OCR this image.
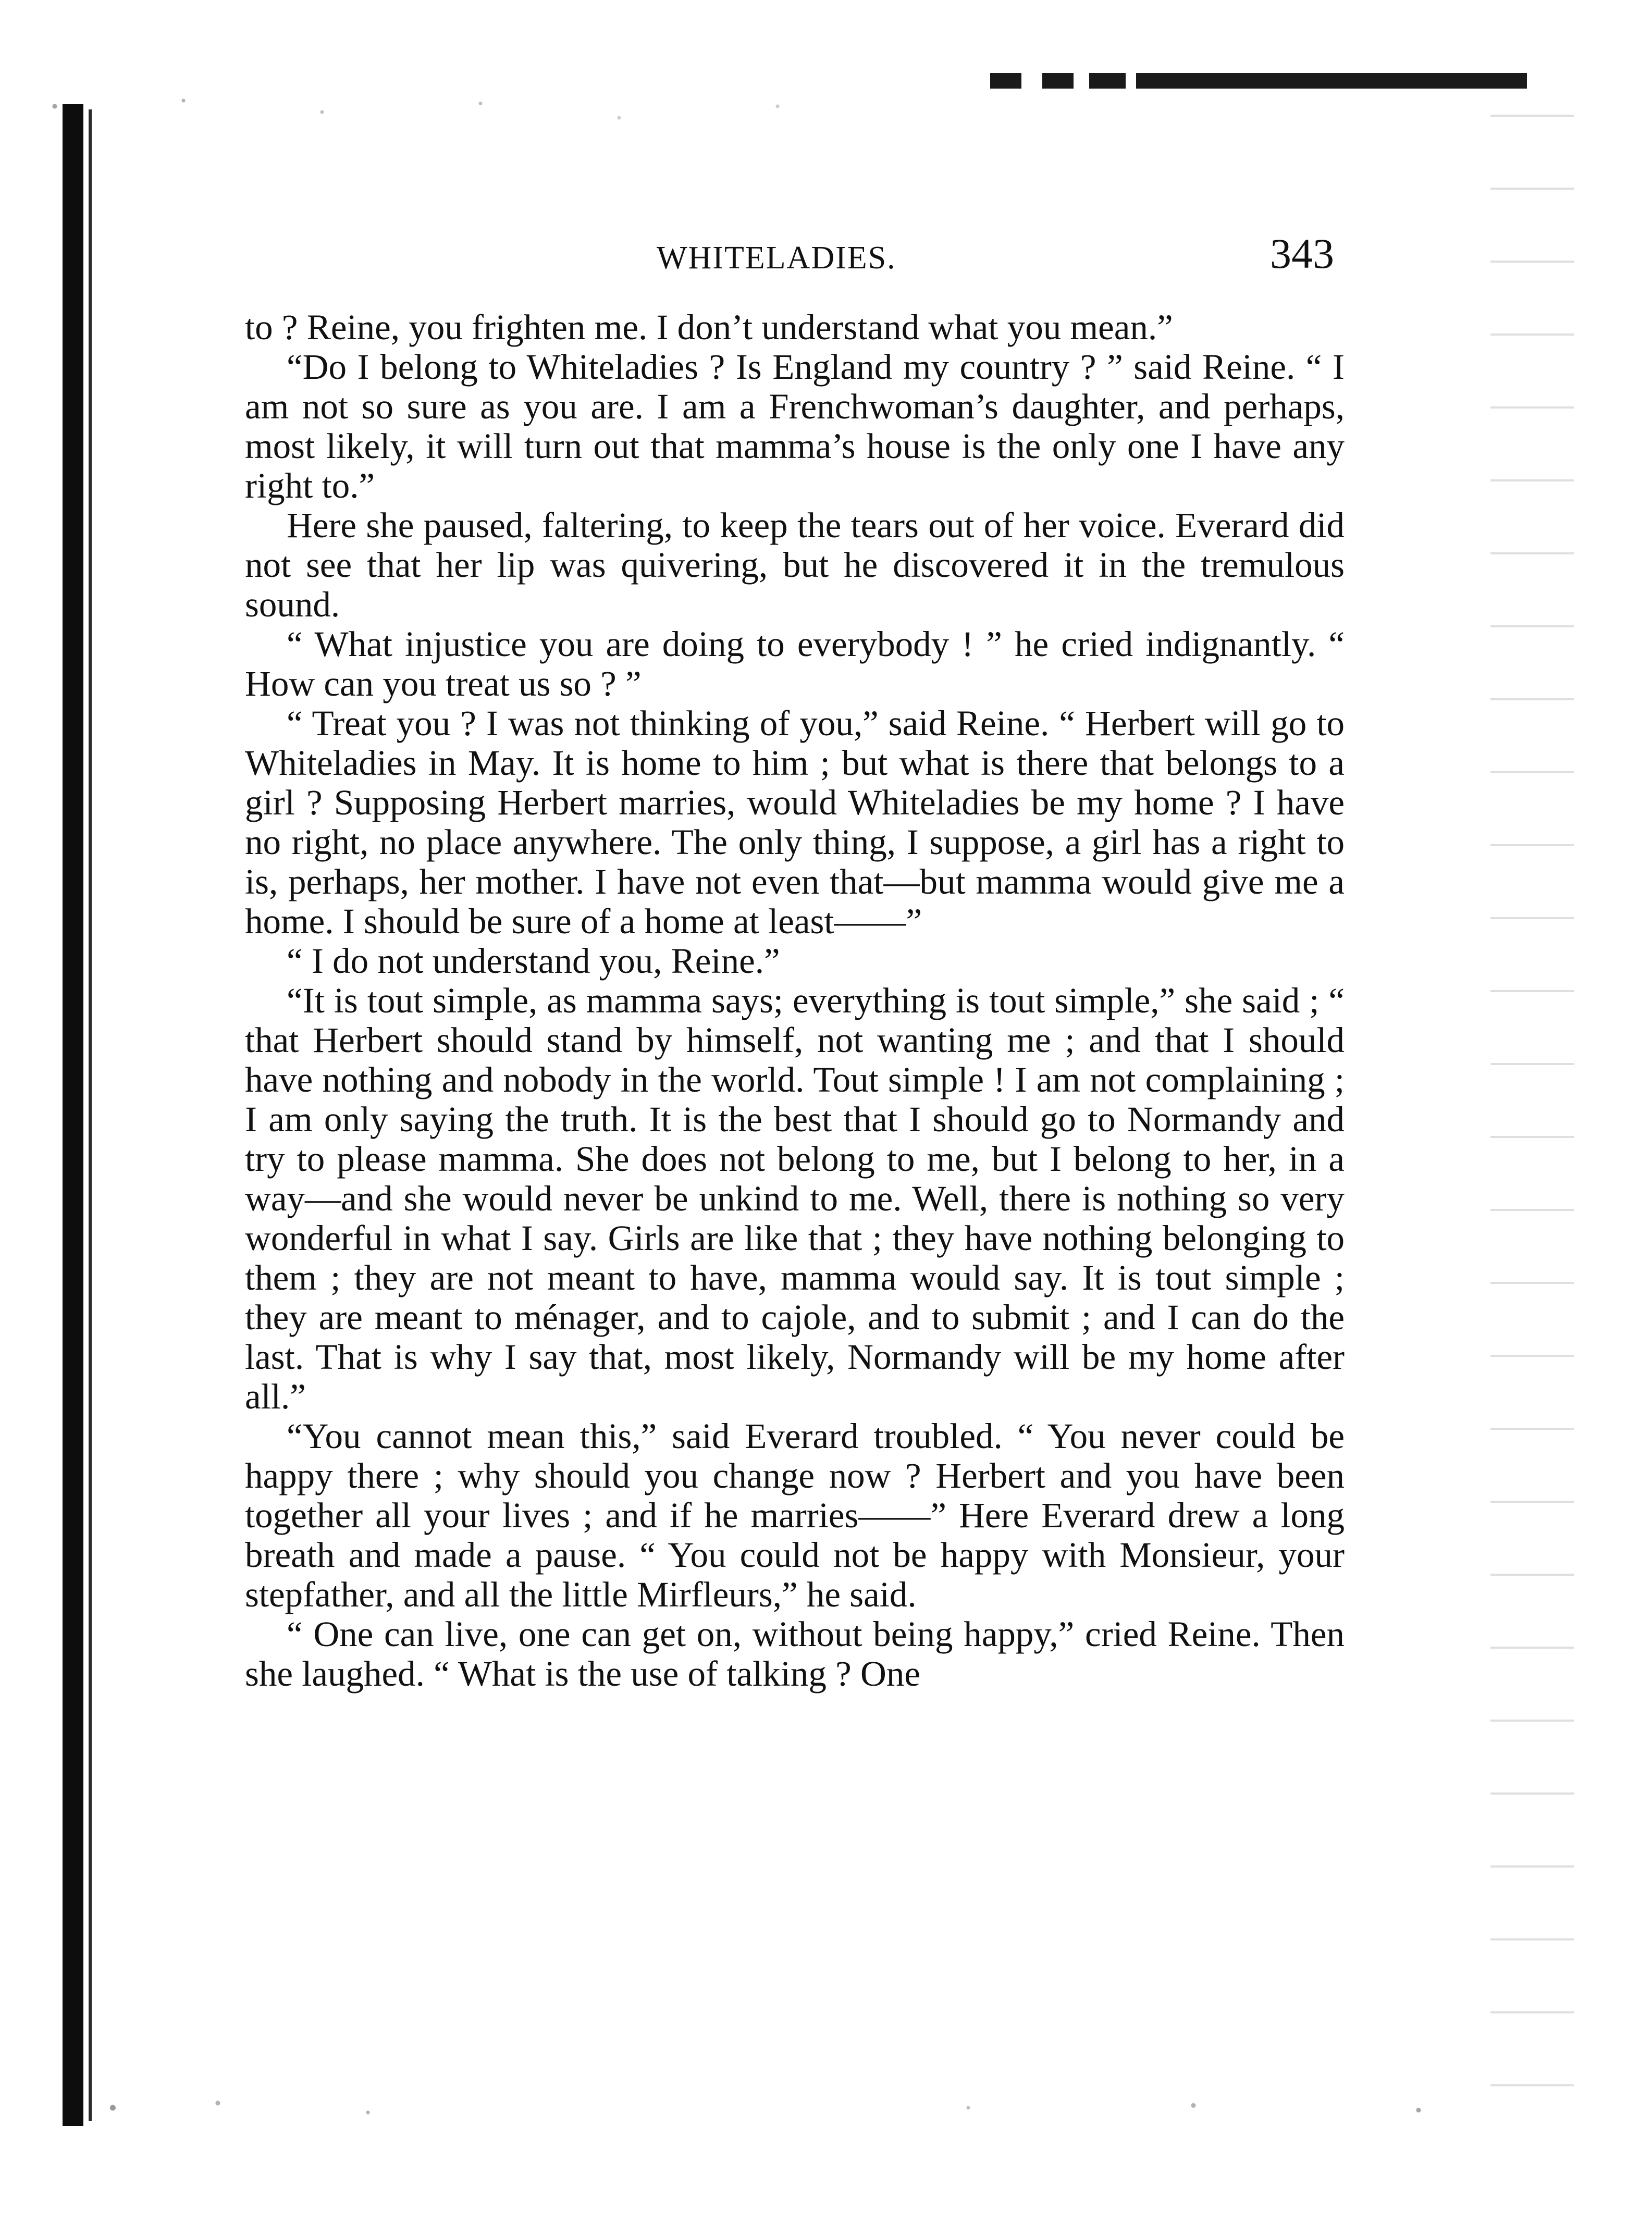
WHITELADIES.	343

to ? Reine, you frighten me. I don’t understand what you mean.”

“Do I belong to Whiteladies ? Is England my country ? ” said Reine. “ I am not so sure as you are. I am a Frenchwoman’s daughter, and perhaps, most likely, it will turn out that mamma’s house is the only one I have any right to.”

Here she paused, faltering, to keep the tears out of her voice. Everard did not see that her lip was quivering, but he discovered it in the tremulous sound.

“ What injustice you are doing to everybody ! ” he cried indignantly. “ How can you treat us so ? ”

“ Treat you ? I was not thinking of you,” said Reine. “ Herbert will go to Whiteladies in May. It is home to him ; but what is there that belongs to a girl ? Supposing Herbert marries, would Whiteladies be my home ? I have no right, no place anywhere. The only thing, I suppose, a girl has a right to is, perhaps, her mother. I have not even that—but mamma would give me a home. I should be sure of a home at least——”

“ I do not understand you, Reine.”

“It is tout simple, as mamma says; everything is tout simple,” she said ; “ that Herbert should stand by himself, not wanting me ; and that I should have nothing and nobody in the world. Tout simple ! I am not complaining ; I am only saying the truth. It is the best that I should go to Normandy and try to please mamma. She does not belong to me, but I belong to her, in a way—and she would never be unkind to me. Well, there is nothing so very wonderful in what I say. Girls are like that ; they have nothing belonging to them ; they are not meant to have, mamma would say. It is tout simple ; they are meant to ménager, and to cajole, and to submit ; and I can do the last. That is why I say that, most likely, Normandy will be my home after all.”

“You cannot mean this,” said Everard troubled. “ You never could be happy there ; why should you change now ? Herbert and you have been together all your lives ; and if he marries——” Here Everard drew a long breath and made a pause. “ You could not be happy with Monsieur, your stepfather, and all the little Mirfleurs,” he said.

“ One can live, one can get on, without being happy,” cried Reine. Then she laughed. “ What is the use of talking ? One
